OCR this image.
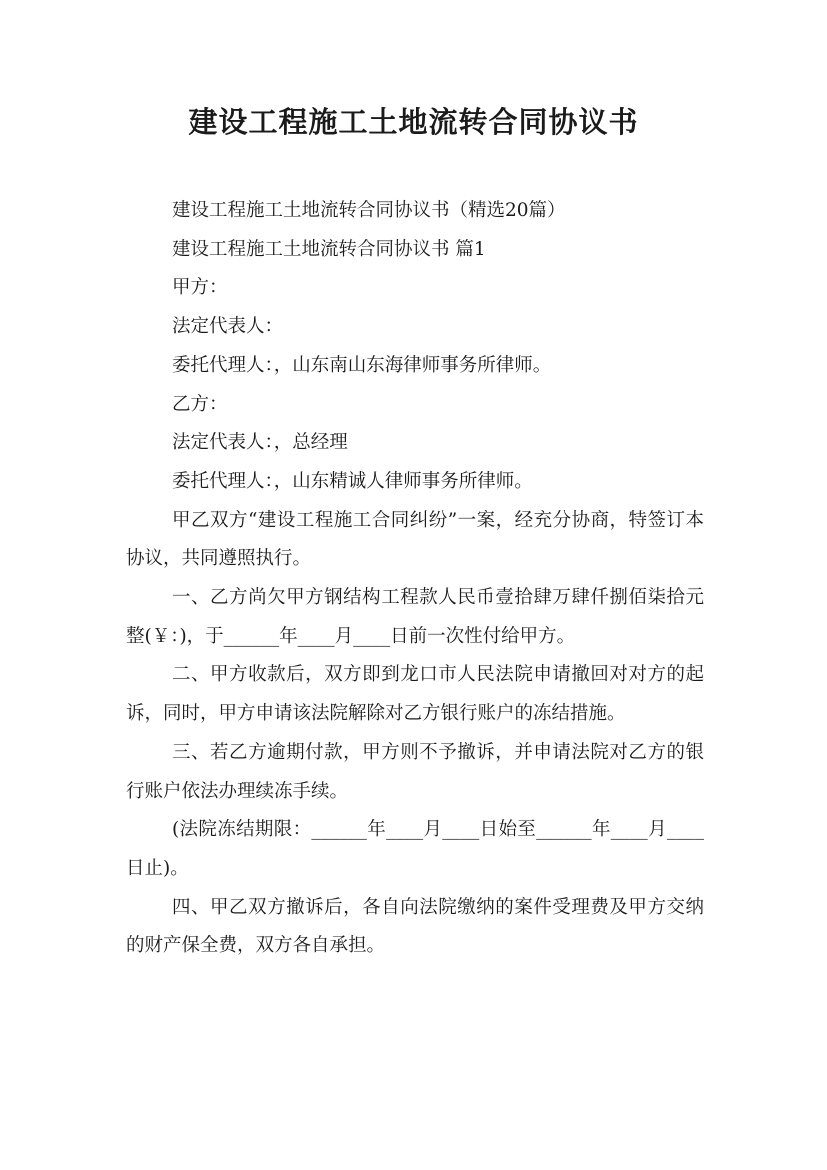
建设工程施工土地流转合同协议书

建设工程施工土地流转合同协议书（精选20篇）

建设工程施工土地流转合同协议书 篇1

甲方：

法定代表人：

委托代理人：，山东南山东海律师事务所律师。

乙方：

法定代表人：，总经理

委托代理人：，山东精诚人律师事务所律师。

甲乙双方“建设工程施工合同纠纷”一案，经充分协商，特签订本协议，共同遵照执行。

一、乙方尚欠甲方钢结构工程款人民币壹拾肆万肆仟捌佰柒拾元整(￥：)，于______年____月____日前一次性付给甲方。

二、甲方收款后，双方即到龙口市人民法院申请撤回对对方的起诉，同时，甲方申请该法院解除对乙方银行账户的冻结措施。

三、若乙方逾期付款，甲方则不予撤诉，并申请法院对乙方的银行账户依法办理续冻手续。

(法院冻结期限：______年____月____日始至______年____月____日止)。

四、甲乙双方撤诉后，各自向法院缴纳的案件受理费及甲方交纳的财产保全费，双方各自承担。
